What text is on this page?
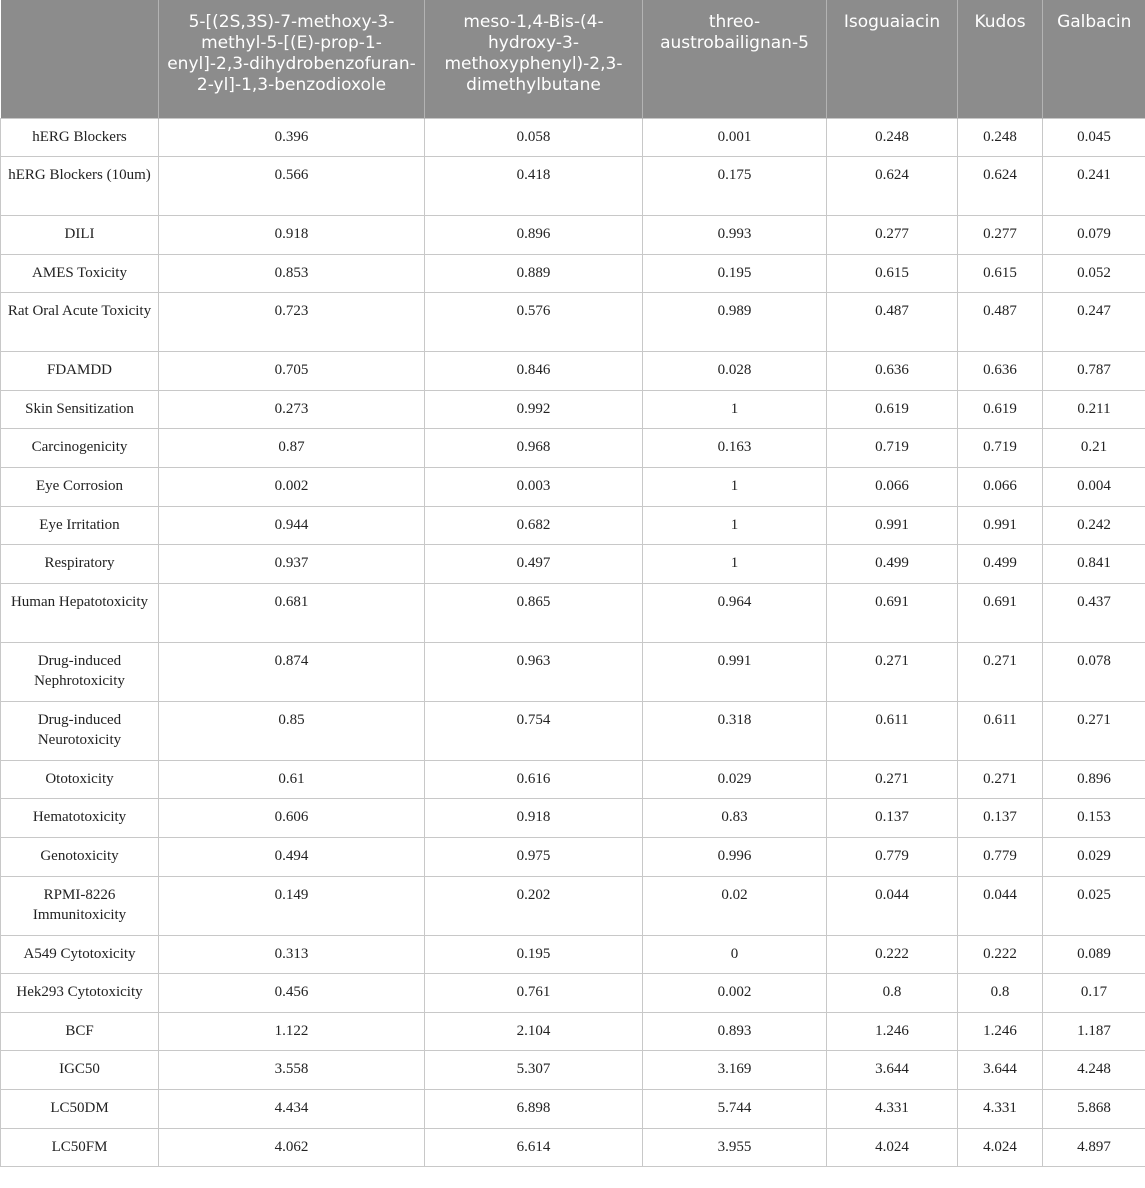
	5-[(2S,3S)-7-methoxy-3-methyl-5-[(E)-prop-1-enyl]-2,3-dihydrobenzofuran-2-yl]-1,3-benzodioxole	meso-1,4-Bis-(4-hydroxy-3-methoxyphenyl)-2,3-dimethylbutane	threo-austrobailignan-5	Isoguaiacin	Kudos	Galbacin
hERG Blockers	0.396	0.058	0.001	0.248	0.248	0.045
hERG Blockers (10um)	0.566	0.418	0.175	0.624	0.624	0.241
DILI	0.918	0.896	0.993	0.277	0.277	0.079
AMES Toxicity	0.853	0.889	0.195	0.615	0.615	0.052
Rat Oral Acute Toxicity	0.723	0.576	0.989	0.487	0.487	0.247
FDAMDD	0.705	0.846	0.028	0.636	0.636	0.787
Skin Sensitization	0.273	0.992	1	0.619	0.619	0.211
Carcinogenicity	0.87	0.968	0.163	0.719	0.719	0.21
Eye Corrosion	0.002	0.003	1	0.066	0.066	0.004
Eye Irritation	0.944	0.682	1	0.991	0.991	0.242
Respiratory	0.937	0.497	1	0.499	0.499	0.841
Human Hepatotoxicity	0.681	0.865	0.964	0.691	0.691	0.437
Drug-induced Nephrotoxicity	0.874	0.963	0.991	0.271	0.271	0.078
Drug-induced Neurotoxicity	0.85	0.754	0.318	0.611	0.611	0.271
Ototoxicity	0.61	0.616	0.029	0.271	0.271	0.896
Hematotoxicity	0.606	0.918	0.83	0.137	0.137	0.153
Genotoxicity	0.494	0.975	0.996	0.779	0.779	0.029
RPMI-8226 Immunitoxicity	0.149	0.202	0.02	0.044	0.044	0.025
A549 Cytotoxicity	0.313	0.195	0	0.222	0.222	0.089
Hek293 Cytotoxicity	0.456	0.761	0.002	0.8	0.8	0.17
BCF	1.122	2.104	0.893	1.246	1.246	1.187
IGC50	3.558	5.307	3.169	3.644	3.644	4.248
LC50DM	4.434	6.898	5.744	4.331	4.331	5.868
LC50FM	4.062	6.614	3.955	4.024	4.024	4.897
